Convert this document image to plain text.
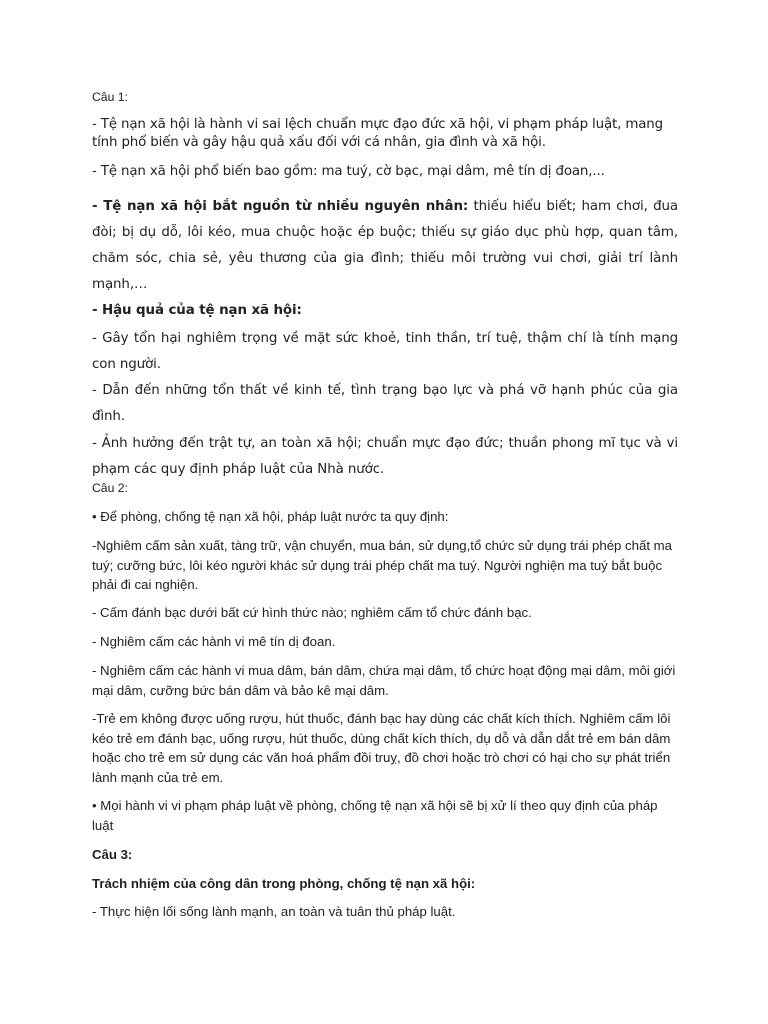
Câu 1:

- Tệ nạn xã hội là hành vi sai lệch chuẩn mực đạo đức xã hội, vi phạm pháp luật, mang tính phổ biến và gây hậu quả xấu đối với cá nhân, gia đình và xã hội.

- Tệ nạn xã hội phổ biến bao gồm: ma tuý, cờ bạc, mại dâm, mê tín dị đoan,...

- Tệ nạn xã hội bắt nguồn từ nhiều nguyên nhân: thiếu hiểu biết; ham chơi, đua đòi; bị dụ dỗ, lôi kéo, mua chuộc hoặc ép buộc; thiếu sự giáo dục phù hợp, quan tâm, chăm sóc, chia sẻ, yêu thương của gia đình; thiếu môi trường vui chơi, giải trí lành mạnh,…

- Hậu quả của tệ nạn xã hội:

- Gây tổn hại nghiêm trọng về mặt sức khoẻ, tinh thần, trí tuệ, thậm chí là tính mạng con người.

- Dẫn đến những tổn thất về kinh tế, tình trạng bạo lực và phá vỡ hạnh phúc của gia đình.

- Ảnh hưởng đến trật tự, an toàn xã hội; chuẩn mực đạo đức; thuần phong mĩ tục và vi phạm các quy định pháp luật của Nhà nước.

Câu 2:

• Để phòng, chống tệ nạn xã hội, pháp luật nước ta quy định:

-Nghiêm cấm sản xuất, tàng trữ, vận chuyển, mua bán, sử dụng,tổ chức sử dụng trái phép chất ma tuý; cưỡng bức, lôi kéo người khác sử dụng trái phép chất ma tuý. Người nghiện ma tuý bắt buộc phải đi cai nghiện.

- Cấm đánh bạc dưới bất cứ hình thức nào; nghiêm cấm tổ chức đánh bạc.

- Nghiêm cấm các hành vi mê tín dị đoan.

- Nghiêm cấm các hành vi mua dâm, bán dâm, chứa mại dâm, tổ chức hoạt động mại dâm, môi giới mại dâm, cưỡng bức bán dâm và bảo kê mại dâm.

-Trẻ em không được uống rượu, hút thuốc, đánh bạc hay dùng các chất kích thích. Nghiêm cấm lôi kéo trẻ em đánh bạc, uống rượu, hút thuốc, dùng chất kích thích, dụ dỗ và dẫn dắt trẻ em bán dâm hoặc cho trẻ em sử dụng các văn hoá phẩm đồi truỵ, đồ chơi hoặc trò chơi có hại cho sự phát triển lành mạnh của trẻ em.

• Mọi hành vi vi phạm pháp luật về phòng, chống tệ nạn xã hội sẽ bị xử lí theo quy định của pháp luật

Câu 3:

Trách nhiệm của công dân trong phòng, chống tệ nạn xã hội:

- Thực hiện lối sống lành mạnh, an toàn và tuân thủ pháp luật.
